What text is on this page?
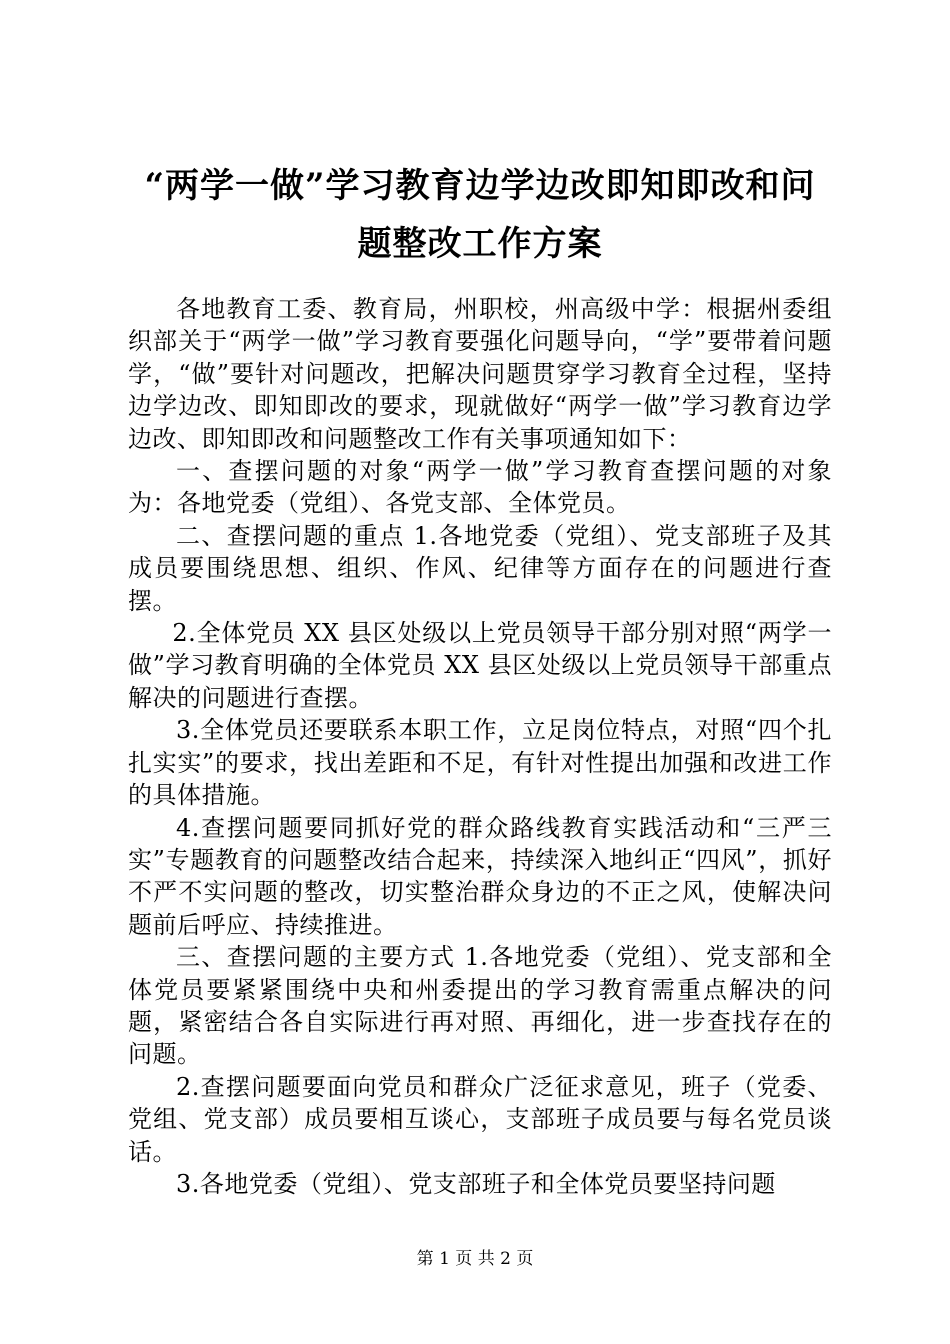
“两学一做”学习教育边学边改即知即改和问题整改工作方案

各地教育工委、教育局，州职校，州高级中学：根据州委组织部关于“两学一做”学习教育要强化问题导向，“学”要带着问题学，“做”要针对问题改，把解决问题贯穿学习教育全过程，坚持边学边改、即知即改的要求，现就做好“两学一做”学习教育边学边改、即知即改和问题整改工作有关事项通知如下：

一、查摆问题的对象“两学一做”学习教育查摆问题的对象为：各地党委（党组）、各党支部、全体党员。

二、查摆问题的重点 1.各地党委（党组）、党支部班子及其成员要围绕思想、组织、作风、纪律等方面存在的问题进行查摆。

2.全体党员 XX 县区处级以上党员领导干部分别对照“两学一做”学习教育明确的全体党员 XX 县区处级以上党员领导干部重点解决的问题进行查摆。

3.全体党员还要联系本职工作，立足岗位特点，对照“四个扎扎实实”的要求，找出差距和不足，有针对性提出加强和改进工作的具体措施。

4.查摆问题要同抓好党的群众路线教育实践活动和“三严三实”专题教育的问题整改结合起来，持续深入地纠正“四风”，抓好不严不实问题的整改，切实整治群众身边的不正之风，使解决问题前后呼应、持续推进。

三、查摆问题的主要方式 1.各地党委（党组）、党支部和全体党员要紧紧围绕中央和州委提出的学习教育需重点解决的问题，紧密结合各自实际进行再对照、再细化，进一步查找存在的问题。

2.查摆问题要面向党员和群众广泛征求意见，班子（党委、党组、党支部）成员要相互谈心，支部班子成员要与每名党员谈话。

3.各地党委（党组）、党支部班子和全体党员要坚持问题

第 1 页 共 2 页
